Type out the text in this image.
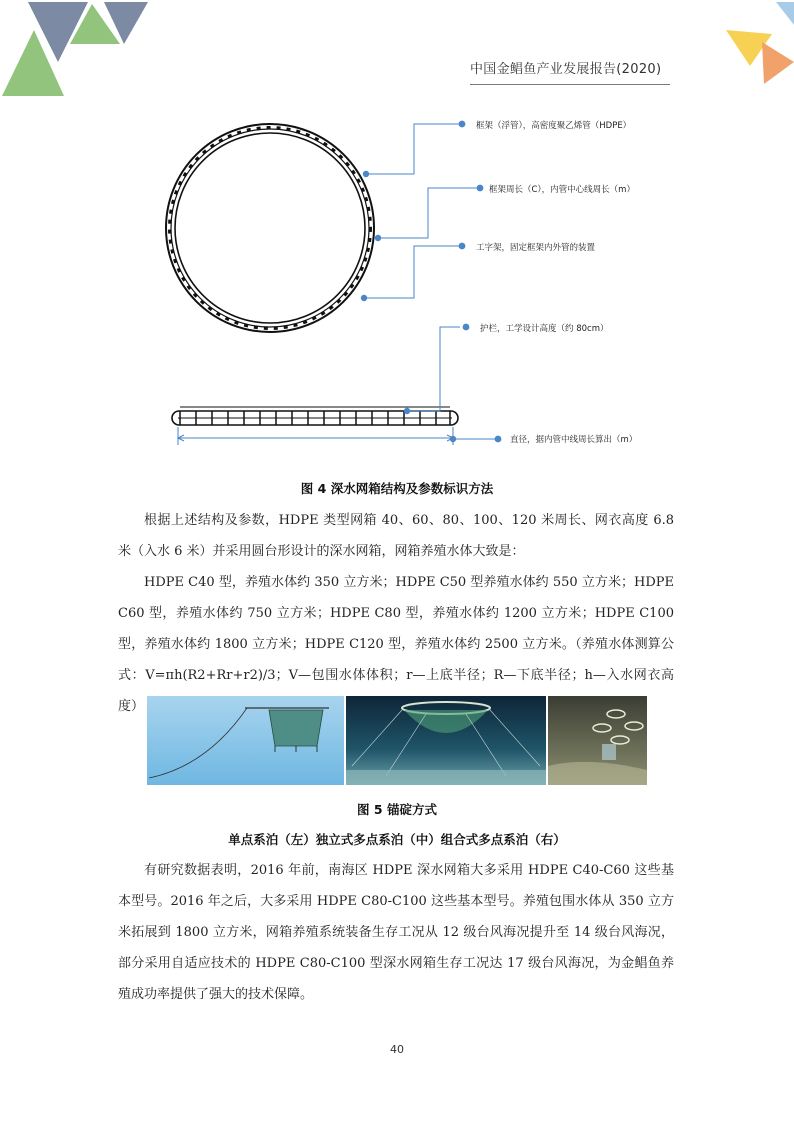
中国金鲳鱼产业发展报告(2020)
框架（浮管），高密度聚乙烯管（HDPE）
框架周长（C），内管中心线周长（m）
工字架，固定框架内外管的装置
护栏，工学设计高度（约 80cm）
直径，据内管中线周长算出（m）
图 4 深水网箱结构及参数标识方法
根据上述结构及参数，HDPE 类型网箱 40、60、80、100、120 米周长、网衣高度 6.8 米（入水 6 米）并采用圆台形设计的深水网箱，网箱养殖水体大致是：
HDPE C40 型，养殖水体约 350 立方米；HDPE C50 型养殖水体约 550 立方米；HDPE C60 型，养殖水体约 750 立方米；HDPE C80 型，养殖水体约 1200 立方米；HDPE C100 型，养殖水体约 1800 立方米；HDPE C120 型，养殖水体约 2500 立方米。（养殖水体测算公式：V=πh(R2+Rr+r2)/3；V—包围水体体积；r—上底半径；R—下底半径；h—入水网衣高度）
图 5 锚碇方式
单点系泊（左）独立式多点系泊（中）组合式多点系泊（右）
有研究数据表明，2016 年前，南海区 HDPE 深水网箱大多采用 HDPE C40-C60 这些基本型号。2016 年之后，大多采用 HDPE C80-C100 这些基本型号。养殖包围水体从 350 立方米拓展到 1800 立方米，网箱养殖系统装备生存工况从 12 级台风海况提升至 14 级台风海况，部分采用自适应技术的 HDPE C80-C100 型深水网箱生存工况达 17 级台风海况，为金鲳鱼养殖成功率提供了强大的技术保障。
40
